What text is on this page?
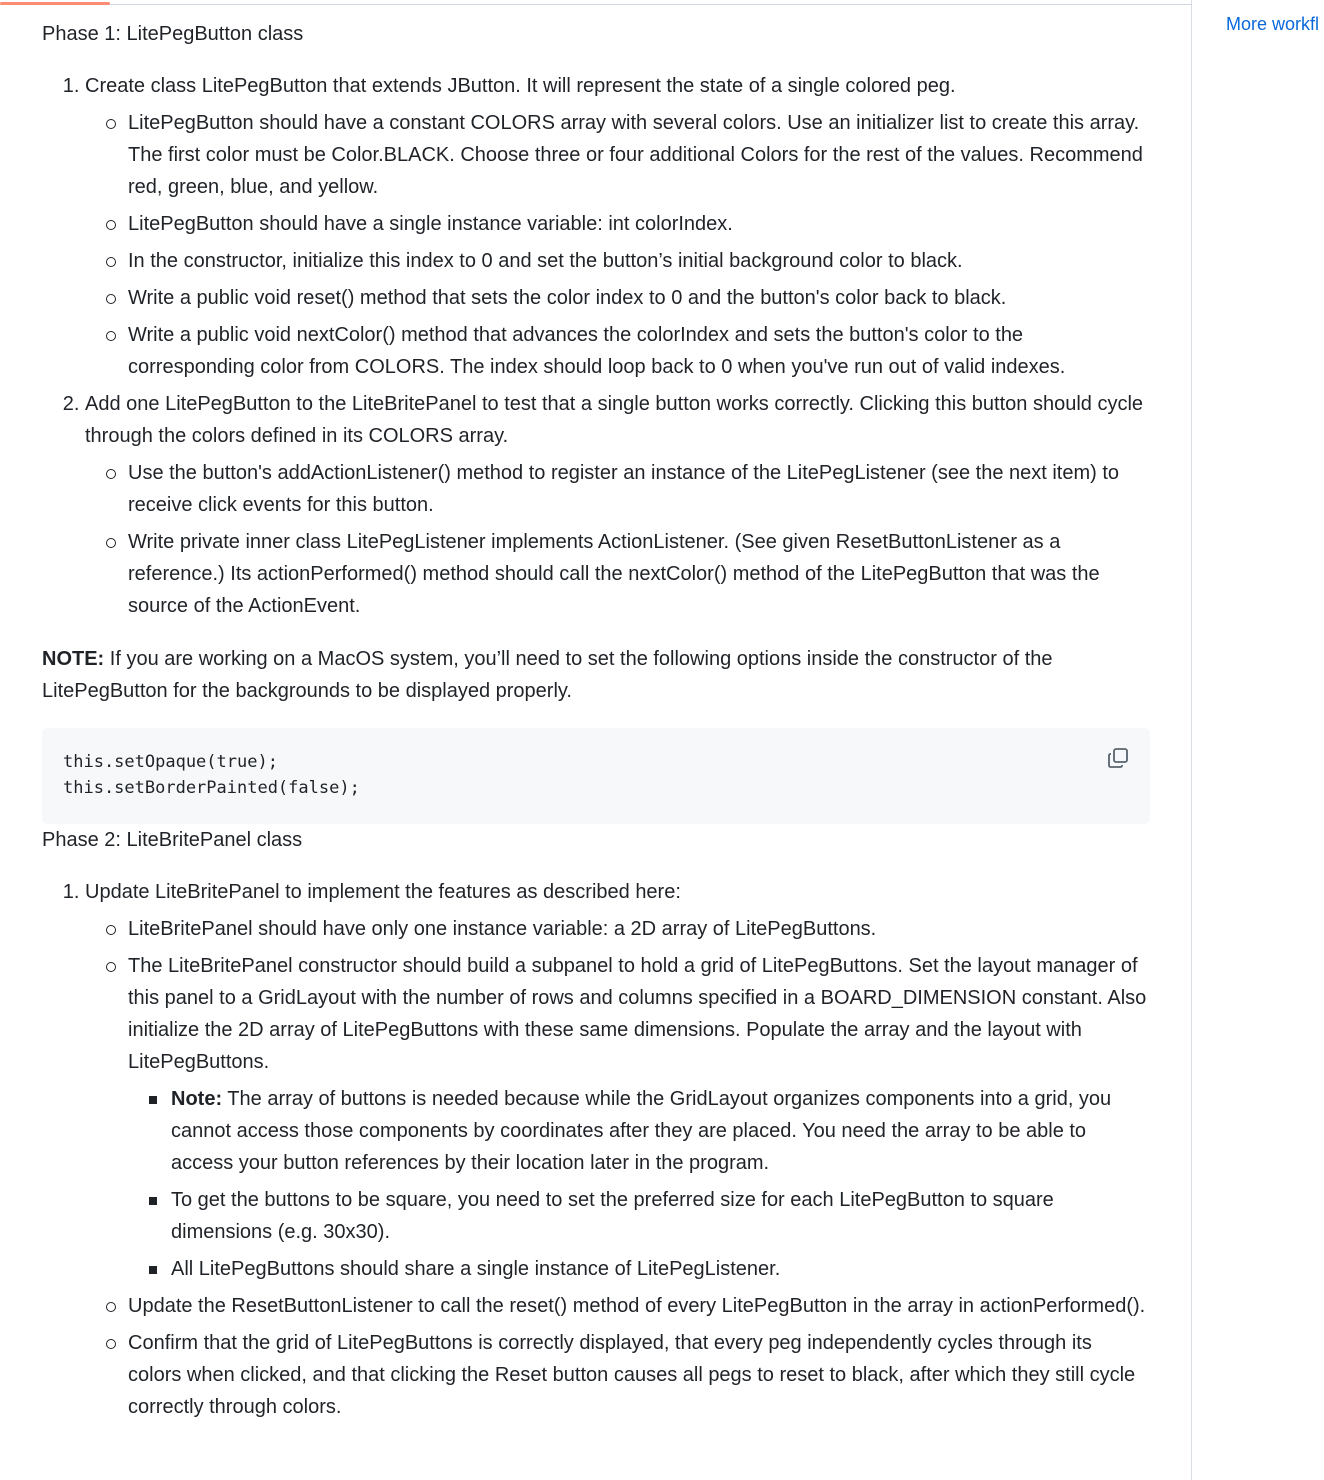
Phase 1: LitePegButton class
1. Create class LitePegButton that extends JButton. It will represent the state of a single colored peg.
LitePegButton should have a constant COLORS array with several colors. Use an initializer list to create this array. The first color must be Color.BLACK. Choose three or four additional Colors for the rest of the values. Recommend red, green, blue, and yellow.
LitePegButton should have a single instance variable: int colorIndex.
In the constructor, initialize this index to 0 and set the button’s initial background color to black.
Write a public void reset() method that sets the color index to 0 and the button's color back to black.
Write a public void nextColor() method that advances the colorIndex and sets the button's color to the corresponding color from COLORS. The index should loop back to 0 when you've run out of valid indexes.
2. Add one LitePegButton to the LiteBritePanel to test that a single button works correctly. Clicking this button should cycle through the colors defined in its COLORS array.
Use the button's addActionListener() method to register an instance of the LitePegListener (see the next item) to receive click events for this button.
Write private inner class LitePegListener implements ActionListener. (See given ResetButtonListener as a reference.) Its actionPerformed() method should call the nextColor() method of the LitePegButton that was the source of the ActionEvent.

NOTE: If you are working on a MacOS system, you’ll need to set the following options inside the constructor of the LitePegButton for the backgrounds to be displayed properly.

this.setOpaque(true);
this.setBorderPainted(false);
Phase 2: LiteBritePanel class
1. Update LiteBritePanel to implement the features as described here:
LiteBritePanel should have only one instance variable: a 2D array of LitePegButtons.
The LiteBritePanel constructor should build a subpanel to hold a grid of LitePegButtons. Set the layout manager of this panel to a GridLayout with the number of rows and columns specified in a BOARD_DIMENSION constant. Also initialize the 2D array of LitePegButtons with these same dimensions. Populate the array and the layout with LitePegButtons.
Note: The array of buttons is needed because while the GridLayout organizes components into a grid, you cannot access those components by coordinates after they are placed. You need the array to be able to access your button references by their location later in the program.
To get the buttons to be square, you need to set the preferred size for each LitePegButton to square dimensions (e.g. 30x30).
All LitePegButtons should share a single instance of LitePegListener.
Update the ResetButtonListener to call the reset() method of every LitePegButton in the array in actionPerformed().
Confirm that the grid of LitePegButtons is correctly displayed, that every peg independently cycles through its colors when clicked, and that clicking the Reset button causes all pegs to reset to black, after which they still cycle correctly through colors.
More workfl
